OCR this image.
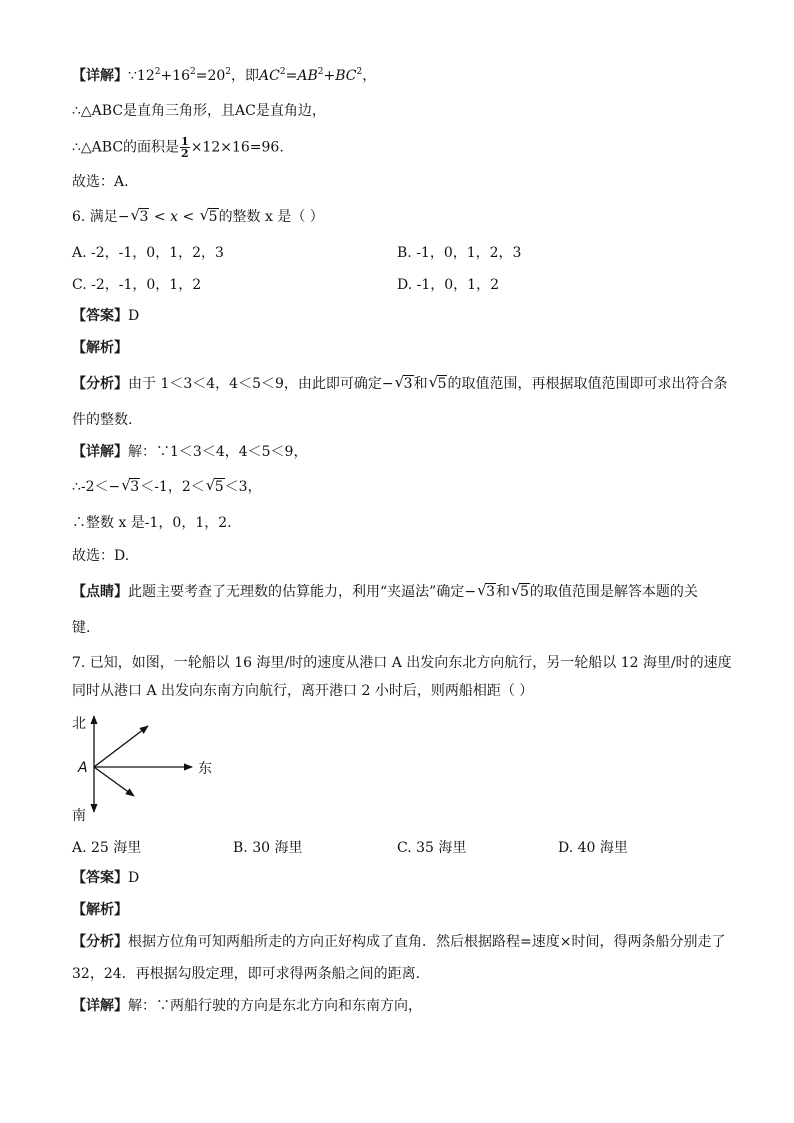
【详解】$\because 12^2+16^2=20^2$，即$AC^2=AB^2+BC^2$，
∴△ABC是直角三角形，且AC是直角边，
∴△ABC的面积是 $\frac{1}{2} \times 12\times 16=96$.
故选：A.
6. 满足− √ 3 < x < √ 5的整数 x 是（ ）
A. -2，-1，0，1，2，3	B. -1，0，1，2，3
C. -2，-1，0，1，2	D. -1，0，1，2
【答案】D
【解析】
【分析】由于 1＜3＜4，4＜5＜9，由此即可确定− √ 3和 √ 5的取值范围，再根据取值范围即可求出符合条
件的整数.
【详解】解：∵1＜3＜4，4＜5＜9，
∴-2＜− √ 3＜-1，2＜ √ 5＜3，
∴整数 x 是-1，0，1，2.
故选：D.
【点睛】此题主要考查了无理数的估算能力，利用“夹逼法”确定− √ 3和 √ 5的取值范围是解答本题的关
键.
7. 已知，如图，一轮船以 16 海里/时的速度从港口 A 出发向东北方向航行，另一轮船以 12 海里/时的速度
同时从港口 A 出发向东南方向航行，离开港口 2 小时后，则两船相距（ ）
北
南
东
A
A. 25 海里	B. 30 海里	C. 35 海里	D. 40 海里
【答案】D
【解析】
【分析】根据方位角可知两船所走的方向正好构成了直角．然后根据路程=速度×时间，得两条船分别走了
32，24．再根据勾股定理，即可求得两条船之间的距离．
【详解】解：∵两船行驶的方向是东北方向和东南方向，
